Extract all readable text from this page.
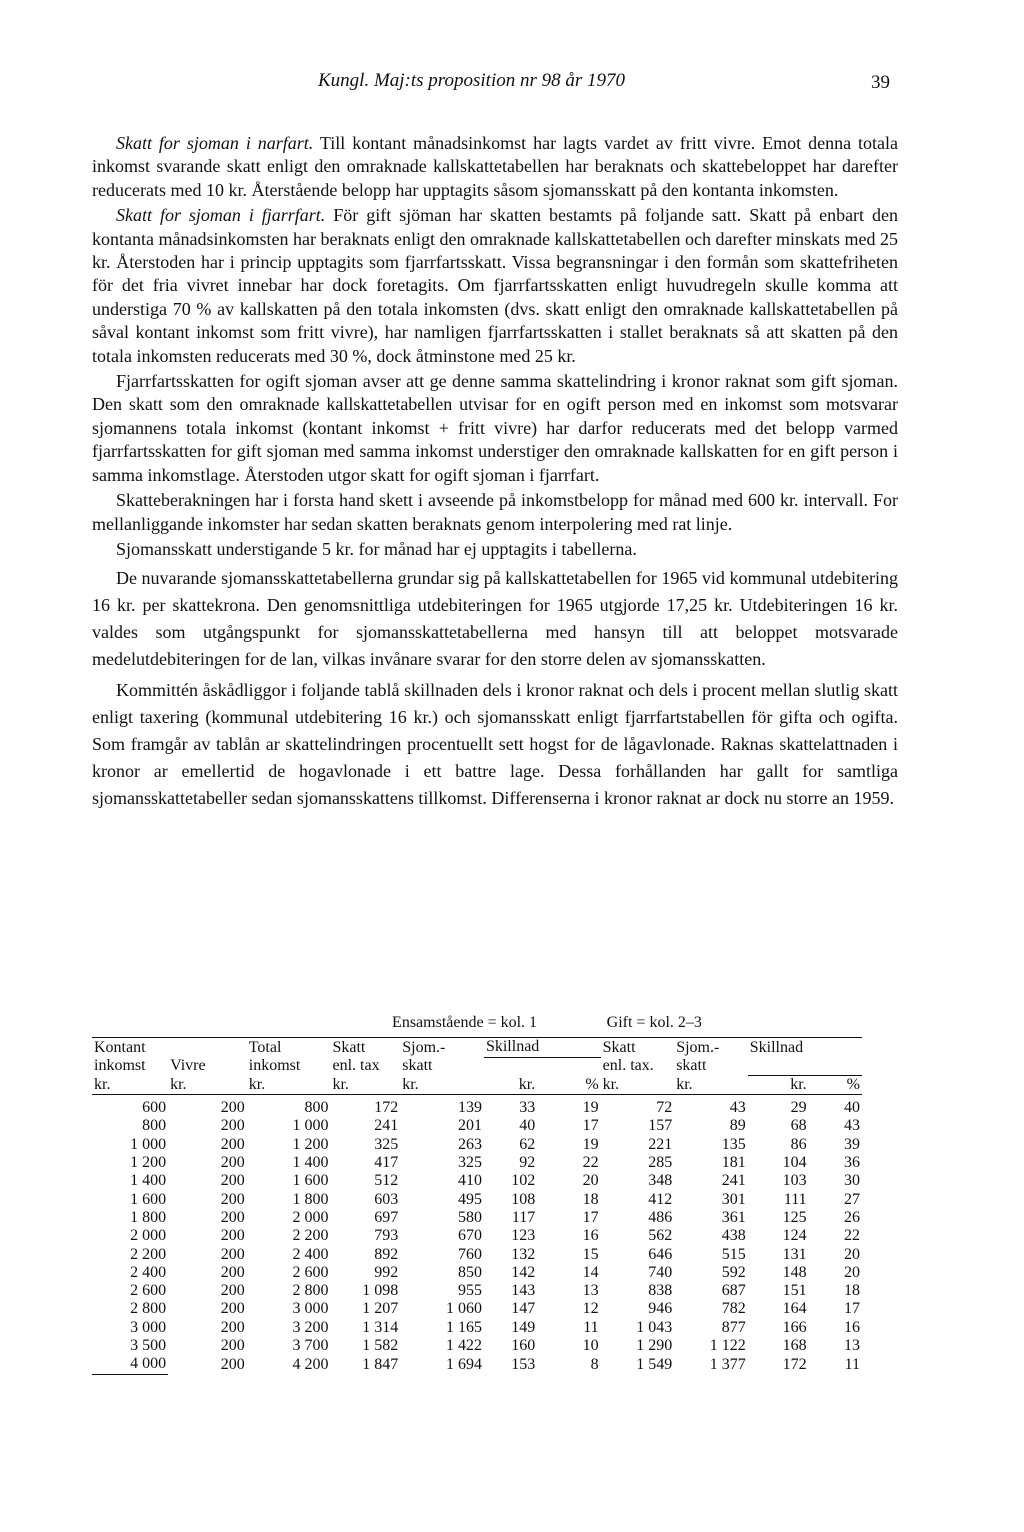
Kungl. Maj:ts proposition nr 98 år 1970	39

Skatt for sjoman i narfart. Till kontant månadsinkomst har lagts vardet av fritt vivre. Emot denna totala inkomst svarande skatt enligt den omraknade kallskattetabellen har beraknats och skattebeloppet har darefter reducerats med 10 kr. Återstående belopp har upptagits såsom sjomansskatt på den kontanta inkomsten.

Skatt for sjoman i fjarrfart. För gift sjöman har skatten bestamts på foljande satt. Skatt på enbart den kontanta månadsinkomsten har beraknats enligt den omraknade kallskattetabellen och darefter minskats med 25 kr. Återstoden har i princip upptagits som fjarrfartsskatt. Vissa begransningar i den formån som skattefriheten för det fria vivret innebar har dock foretagits. Om fjarrfartsskatten enligt huvudregeln skulle komma att understiga 70 % av kallskatten på den totala inkomsten (dvs. skatt enligt den omraknade kallskattetabellen på såval kontant inkomst som fritt vivre), har namligen fjarrfartsskatten i stallet beraknats så att skatten på den totala inkomsten reducerats med 30 %, dock åtminstone med 25 kr.

Fjarrfartsskatten for ogift sjoman avser att ge denne samma skattelindring i kronor raknat som gift sjoman. Den skatt som den omraknade kallskattetabellen utvisar for en ogift person med en inkomst som motsvarar sjomannens totala inkomst (kontant inkomst + fritt vivre) har darfor reducerats med det belopp varmed fjarrfartsskatten for gift sjoman med samma inkomst understiger den omraknade kallskatten for en gift person i samma inkomstlage. Återstoden utgor skatt for ogift sjoman i fjarrfart.

Skatteberakningen har i forsta hand skett i avseende på inkomstbelopp for månad med 600 kr. intervall. For mellanliggande inkomster har sedan skatten beraknats genom interpolering med rat linje.

Sjomansskatt understigande 5 kr. for månad har ej upptagits i tabellerna.

De nuvarande sjomansskattetabellerna grundar sig på kallskattetabellen for 1965 vid kommunal utdebitering 16 kr. per skattekrona. Den genomsnittliga utdebiteringen for 1965 utgjorde 17,25 kr. Utdebiteringen 16 kr. valdes som utgångspunkt for sjomansskattetabellerna med hansyn till att beloppet motsvarade medelutdebiteringen for de lan, vilkas invånare svarar for den storre delen av sjomansskatten.

Kommittén åskådliggor i foljande tablå skillnaden dels i kronor raknat och dels i procent mellan slutlig skatt enligt taxering (kommunal utdebitering 16 kr.) och sjomansskatt enligt fjarrfartstabellen för gifta och ogifta. Som framgår av tablån ar skattelindringen procentuellt sett hogst for de lågavlonade. Raknas skattelattnaden i kronor ar emellertid de hogavlonade i ett battre lage. Dessa forhållanden har gallt for samtliga sjomansskattetabeller sedan sjomansskattens tillkomst. Differenserna i kronor raknat ar dock nu storre an 1959.

			Ensamstående = kol. 1				Gift = kol. 2–3			
Kontant		Total	Skatt	Sjom.-	Skillnad		Skatt	Sjom.-	Skillnad	
inkomst	Vivre	inkomst	enl. tax	skatt			enl. tax.	skatt		
kr.	kr.	kr.	kr.	kr.	kr.	%	kr.	kr.	kr.	%
600	200	800	172	139	33	19	72	43	29	40
800	200	1 000	241	201	40	17	157	89	68	43
1 000	200	1 200	325	263	62	19	221	135	86	39
1 200	200	1 400	417	325	92	22	285	181	104	36
1 400	200	1 600	512	410	102	20	348	241	103	30
1 600	200	1 800	603	495	108	18	412	301	111	27
1 800	200	2 000	697	580	117	17	486	361	125	26
2 000	200	2 200	793	670	123	16	562	438	124	22
2 200	200	2 400	892	760	132	15	646	515	131	20
2 400	200	2 600	992	850	142	14	740	592	148	20
2 600	200	2 800	1 098	955	143	13	838	687	151	18
2 800	200	3 000	1 207	1 060	147	12	946	782	164	17
3 000	200	3 200	1 314	1 165	149	11	1 043	877	166	16
3 500	200	3 700	1 582	1 422	160	10	1 290	1 122	168	13
4 000	200	4 200	1 847	1 694	153	8	1 549	1 377	172	11
